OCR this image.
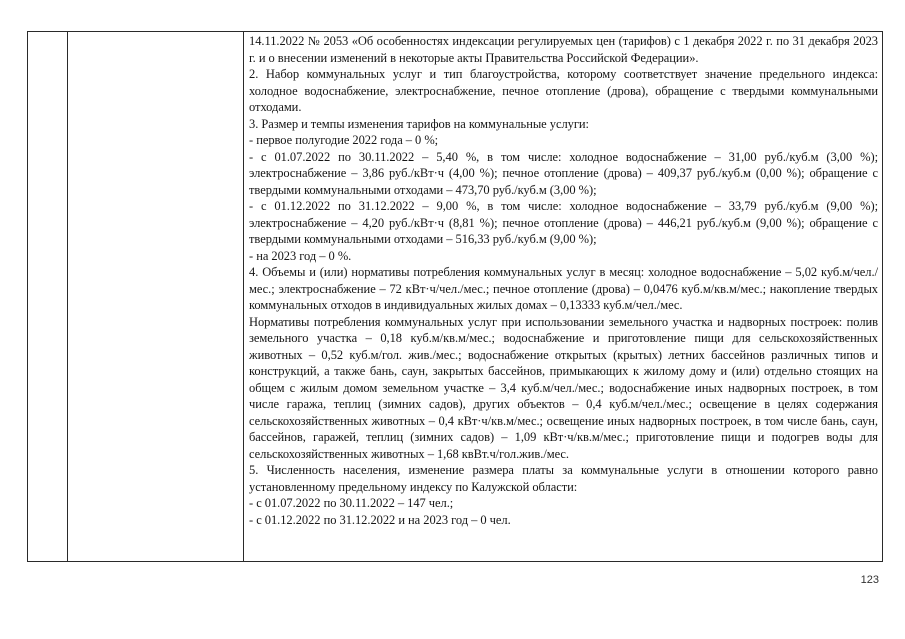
14.11.2022 № 2053 «Об особенностях индексации регулируемых цен (тарифов) с 1 декабря 2022 г. по 31 декабря 2023 г. и о внесении изменений в некоторые акты Правительства Российской Федерации».

2. Набор коммунальных услуг и тип благоустройства, которому соответствует значение предельного индекса: холодное водоснабжение, электроснабжение, печное отопление (дрова), обращение с твердыми коммунальными отходами.

3. Размер и темпы изменения тарифов на коммунальные услуги:

- первое полугодие 2022 года – 0 %;

- с 01.07.2022 по 30.11.2022 – 5,40 %, в том числе: холодное водоснабжение – 31,00 руб./куб.м (3,00 %); электроснабжение – 3,86 руб./кВт·ч (4,00 %); печное отопление (дрова) – 409,37 руб./куб.м (0,00 %); обращение с твердыми коммунальными отходами – 473,70 руб./куб.м (3,00 %);

- с 01.12.2022 по 31.12.2022 – 9,00 %, в том числе: холодное водоснабжение – 33,79 руб./куб.м (9,00 %); электроснабжение – 4,20 руб./кВт·ч (8,81 %); печное отопление (дрова) – 446,21 руб./куб.м (9,00 %); обращение с твердыми коммунальными отходами – 516,33 руб./куб.м (9,00 %);

- на 2023 год – 0 %.

4. Объемы и (или) нормативы потребления коммунальных услуг в месяц: холодное водоснабжение – 5,02 куб.м/чел./мес.; электроснабжение – 72 кВт·ч/чел./мес.; печное отопление (дрова) – 0,0476 куб.м/кв.м/мес.; накопление твердых коммунальных отходов в индивидуальных жилых домах – 0,13333 куб.м/чел./мес.

Нормативы потребления коммунальных услуг при использовании земельного участка и надворных построек: полив земельного участка – 0,18 куб.м/кв.м/мес.; водоснабжение и приготовление пищи для сельскохозяйственных животных – 0,52 куб.м/гол. жив./мес.; водоснабжение открытых (крытых) летних бассейнов различных типов и конструкций, а также бань, саун, закрытых бассейнов, примыкающих к жилому дому и (или) отдельно стоящих на общем с жилым домом земельном участке – 3,4 куб.м/чел./мес.; водоснабжение иных надворных построек, в том числе гаража, теплиц (зимних садов), других объектов – 0,4 куб.м/чел./мес.; освещение в целях содержания сельскохозяйственных животных – 0,4 кВт·ч/кв.м/мес.; освещение иных надворных построек, в том числе бань, саун, бассейнов, гаражей, теплиц (зимних садов) – 1,09 кВт·ч/кв.м/мес.; приготовление пищи и подогрев воды для сельскохозяйственных животных – 1,68 квВт.ч/гол.жив./мес.

5. Численность населения, изменение размера платы за коммунальные услуги в отношении которого равно установленному предельному индексу по Калужской области:

- с 01.07.2022 по 30.11.2022 – 147 чел.;

- с 01.12.2022 по 31.12.2022 и на 2023 год – 0 чел.

123
